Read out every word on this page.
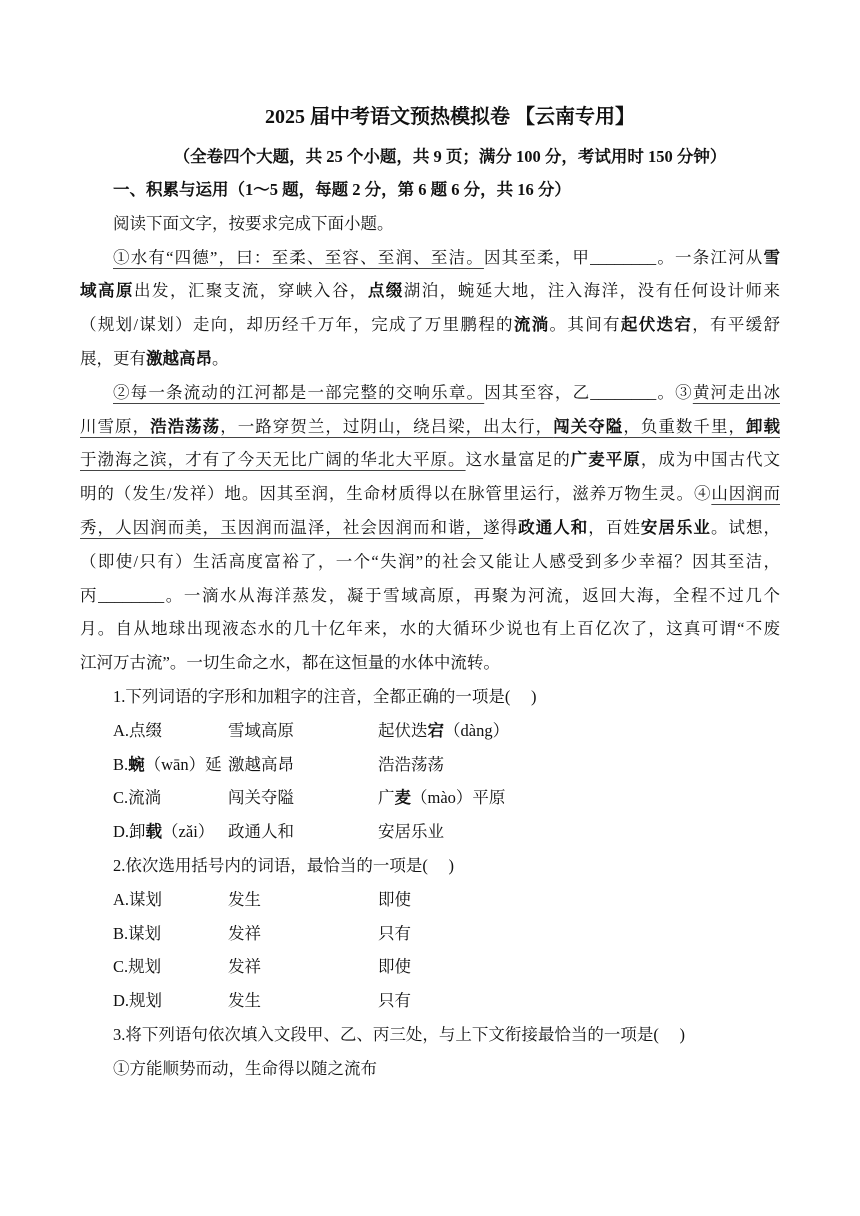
2025 届中考语文预热模拟卷 【云南专用】
（全卷四个大题，共 25 个小题，共 9 页；满分 100 分，考试用时 150 分钟）
一、积累与运用（1～5 题，每题 2 分，第 6 题 6 分，共 16 分）
阅读下面文字，按要求完成下面小题。
①水有“四德”，曰：至柔、至容、至润、至洁。因其至柔，甲________。一条江河从雪
域高原出发，汇聚支流，穿峡入谷，点缀湖泊，蜿延大地，注入海洋，没有任何设计师来
（规划/谋划）走向，却历经千万年，完成了万里鹏程的流淌。其间有起伏迭宕，有平缓舒
展，更有激越高昂。
②每一条流动的江河都是一部完整的交响乐章。因其至容，乙________。③黄河走出冰
川雪原，浩浩荡荡，一路穿贺兰，过阴山，绕吕梁，出太行，闯关夺隘，负重数千里，卸载
于渤海之滨，才有了今天无比广阔的华北大平原。这水量富足的广麦平原，成为中国古代文
明的（发生/发祥）地。因其至润，生命材质得以在脉管里运行，滋养万物生灵。④山因润而
秀，人因润而美，玉因润而温泽，社会因润而和谐，遂得政通人和，百姓安居乐业。试想，
（即使/只有）生活高度富裕了，一个“失润”的社会又能让人感受到多少幸福？因其至洁，
丙________。一滴水从海洋蒸发，凝于雪域高原，再聚为河流，返回大海，全程不过几个
月。自从地球出现液态水的几十亿年来，水的大循环少说也有上百亿次了，这真可谓“不废
江河万古流”。一切生命之水，都在这恒量的水体中流转。
1.下列词语的字形和加粗字的注音，全都正确的一项是(     )
A.点缀	雪域高原	起伏迭宕（dàng）
B.蜿（wān）延 激越高昂	浩浩荡荡
C.流淌	闯关夺隘	广麦（mào）平原
D.卸载（zǎi） 政通人和	安居乐业
2.依次选用括号内的词语，最恰当的一项是(     )
A.谋划	发生	即使
B.谋划	发祥	只有
C.规划	发祥	即使
D.规划	发生	只有
3.将下列语句依次填入文段甲、乙、丙三处，与上下文衔接最恰当的一项是(     )
①方能顺势而动，生命得以随之流布
